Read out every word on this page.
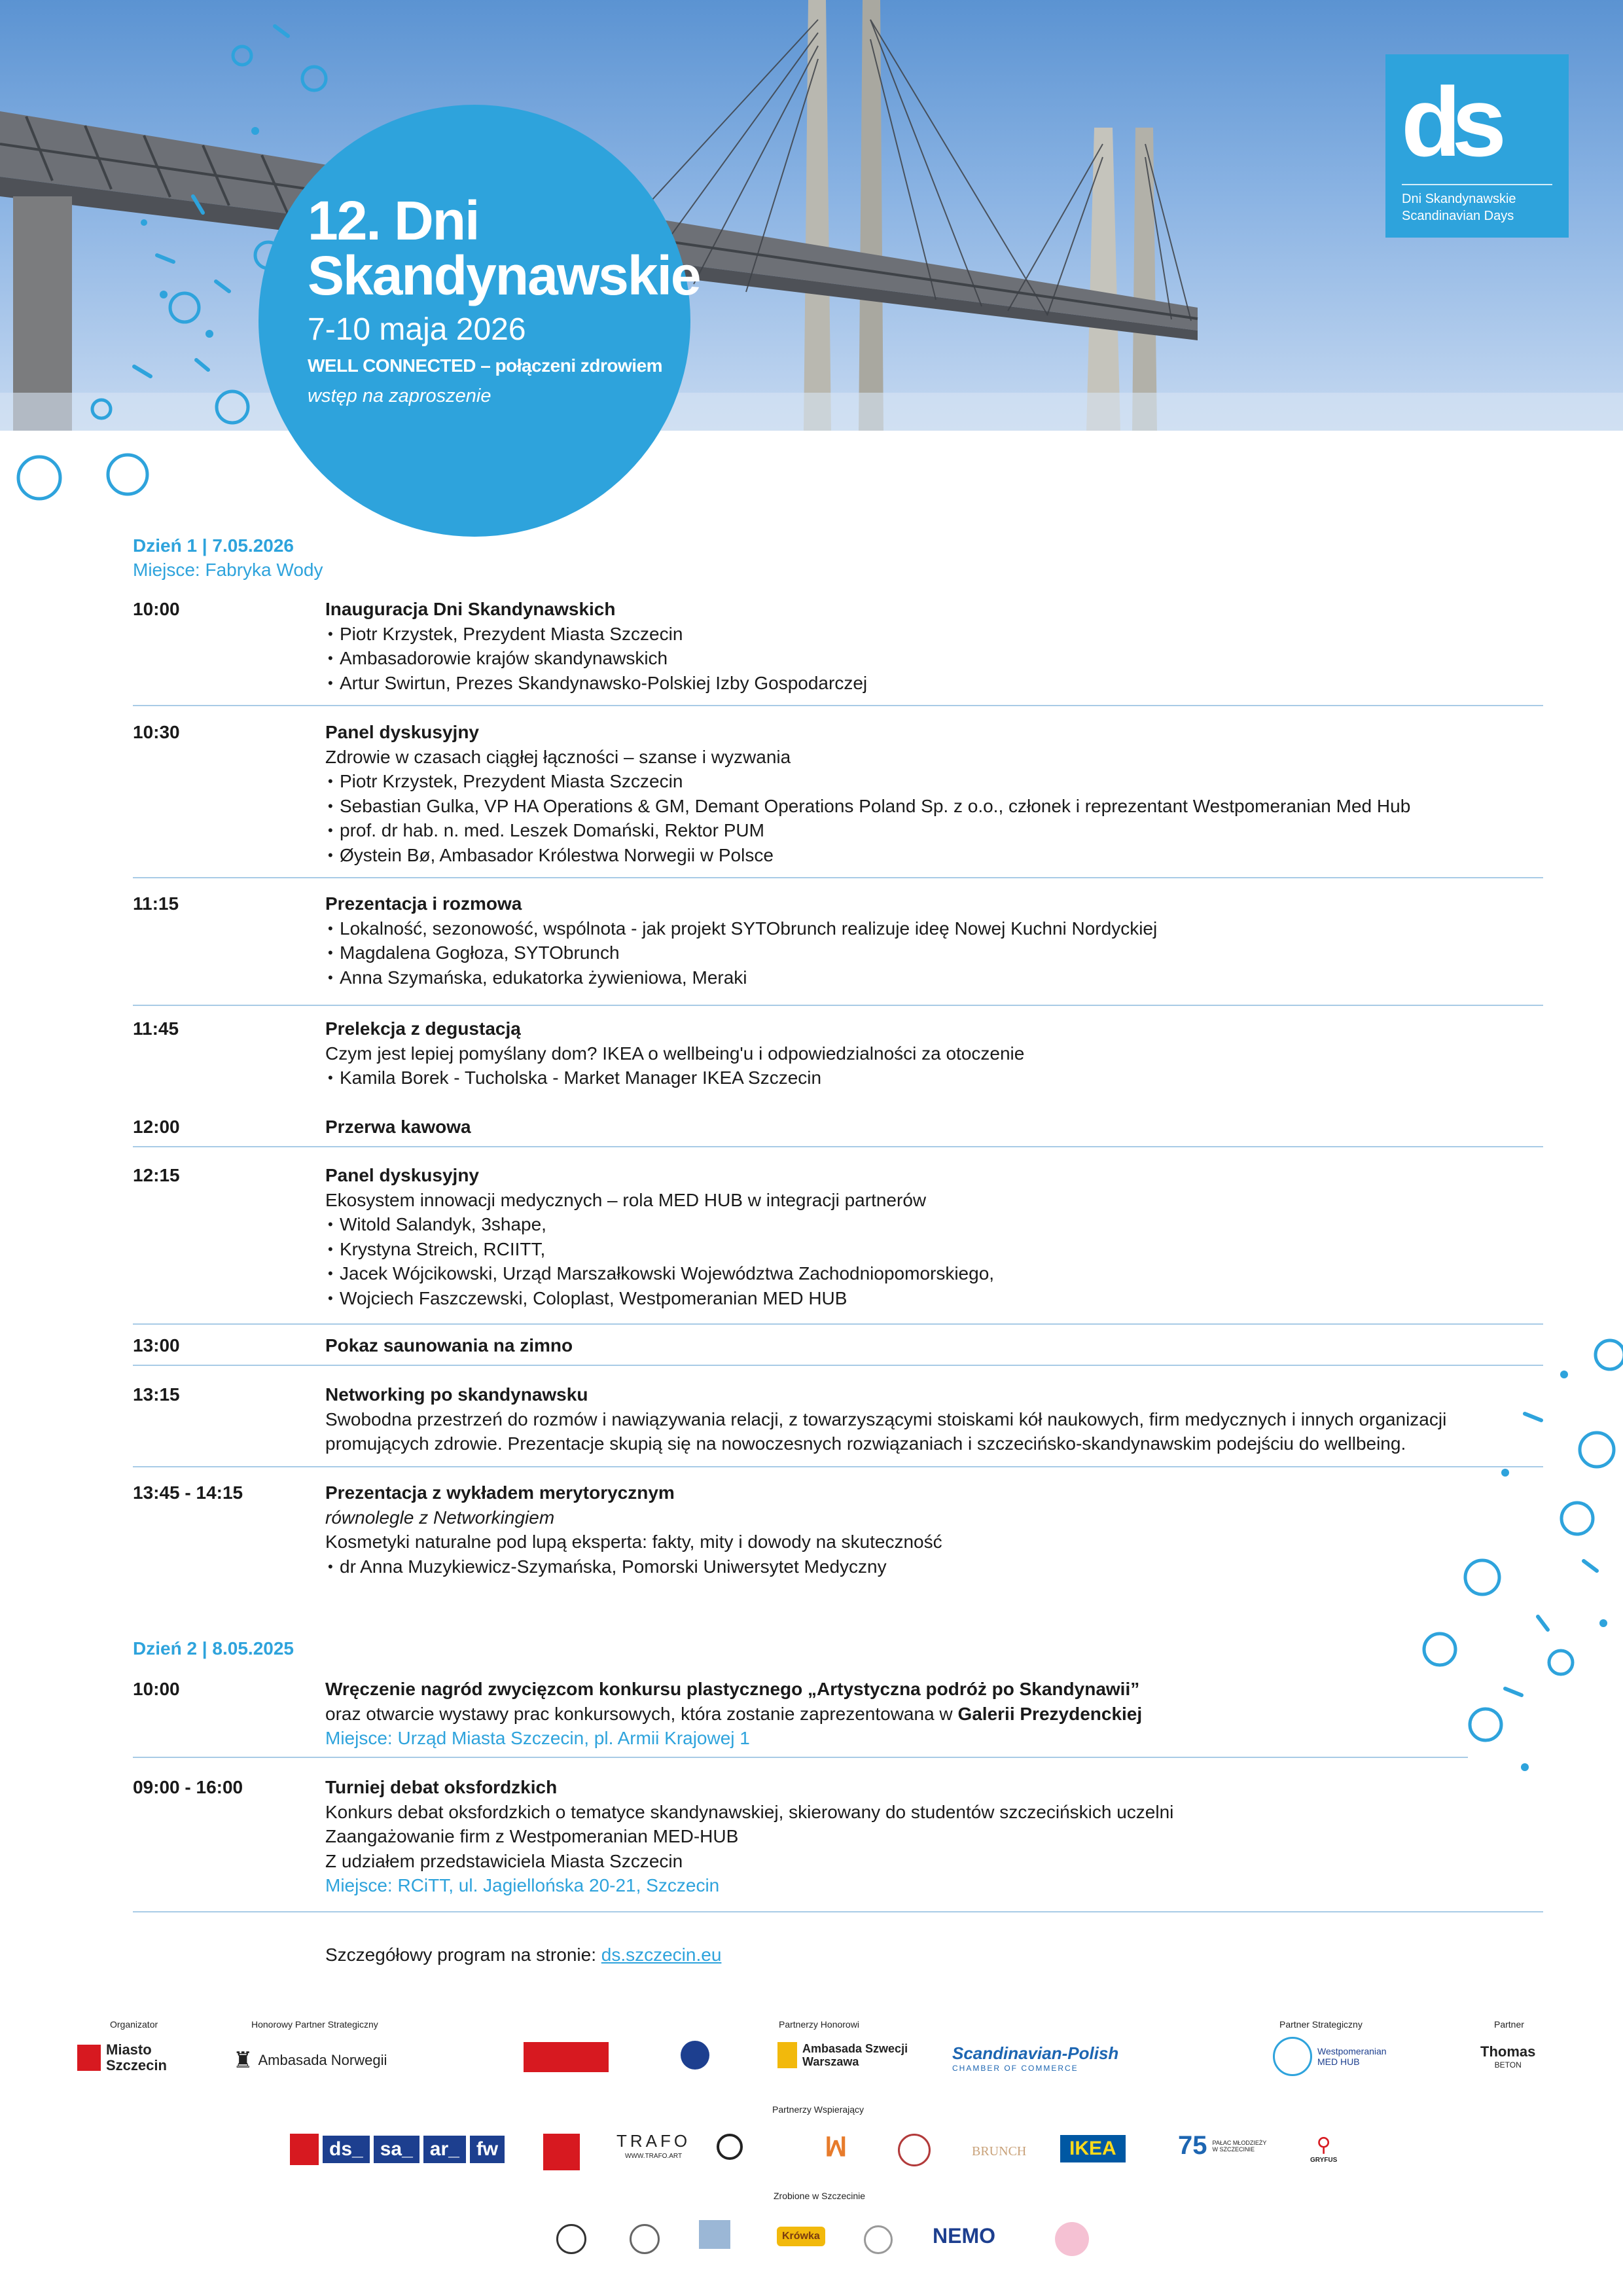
12. Dni
Skandynawskie
7-10 maja 2026
WELL CONNECTED – połączeni zdrowiem
wstęp na zaproszenie
ds
Dni Skandynawskie
Scandinavian Days
Dzień 1 | 7.05.2026
Miejsce: Fabryka Wody
10:00	Inauguracja Dni Skandynawskich
• Piotr Krzystek, Prezydent Miasta Szczecin
• Ambasadorowie krajów skandynawskich
• Artur Swirtun, Prezes Skandynawsko-Polskiej Izby Gospodarczej
10:30	Panel dyskusyjny
Zdrowie w czasach ciągłej łączności – szanse i wyzwania
• Piotr Krzystek, Prezydent Miasta Szczecin
• Sebastian Gulka, VP HA Operations & GM, Demant Operations Poland Sp. z o.o., członek i reprezentant Westpomeranian Med Hub
• prof. dr hab. n. med. Leszek Domański, Rektor PUM
• Øystein Bø, Ambasador Królestwa Norwegii w Polsce
11:15	Prezentacja i rozmowa
• Lokalność, sezonowość, wspólnota - jak projekt SYTObrunch realizuje ideę Nowej Kuchni Nordyckiej
• Magdalena Gogłoza, SYTObrunch
• Anna Szymańska, edukatorka żywieniowa, Meraki
11:45	Prelekcja z degustacją
Czym jest lepiej pomyślany dom? IKEA o wellbeing'u i odpowiedzialności za otoczenie
• Kamila Borek - Tucholska - Market Manager IKEA Szczecin
12:00	Przerwa kawowa
12:15	Panel dyskusyjny
Ekosystem innowacji medycznych – rola MED HUB w integracji partnerów
• Witold Salandyk, 3shape,
• Krystyna Streich, RCIITT,
• Jacek Wójcikowski, Urząd Marszałkowski Województwa Zachodniopomorskiego,
• Wojciech Faszczewski, Coloplast, Westpomeranian MED HUB
13:00	Pokaz saunowania na zimno
13:15	Networking po skandynawsku
Swobodna przestrzeń do rozmów i nawiązywania relacji, z towarzyszącymi stoiskami kół naukowych, firm medycznych i innych organizacji promujących zdrowie. Prezentacje skupią się na nowoczesnych rozwiązaniach i szczecińsko-skandynawskim podejściu do wellbeing.
13:45 - 14:15	Prezentacja z wykładem merytorycznym
równolegle z Networkingiem
Kosmetyki naturalne pod lupą eksperta: fakty, mity i dowody na skuteczność
• dr Anna Muzykiewicz-Szymańska, Pomorski Uniwersytet Medyczny
Dzień 2 | 8.05.2025
10:00	Wręczenie nagród zwycięzcom konkursu plastycznego „Artystyczna podróż po Skandynawii”
oraz otwarcie wystawy prac konkursowych, która zostanie zaprezentowana w Galerii Prezydenckiej
Miejsce: Urząd Miasta Szczecin, pl. Armii Krajowej 1
09:00 - 16:00	Turniej debat oksfordzkich
Konkurs debat oksfordzkich o tematyce skandynawskiej, skierowany do studentów szczecińskich uczelni
Zaangażowanie firm z Westpomeranian MED-HUB
Z udziałem przedstawiciela Miasta Szczecin
Miejsce: RCiTT, ul. Jagiellońska 20-21, Szczecin
Szczegółowy program na stronie: ds.szczecin.eu
Organizator
Miasto Szczecin
Honorowy Partner Strategiczny
♜ Ambasada Norwegii
Partnerzy Honorowi
Ambasada Szwecji Warszawa	Scandinavian-Polish
CHAMBER OF COMMERCE
Partner Strategiczny
Westpomeranian MED HUB
Partner
Thomas
BETON
Partnerzy Wspierający
ds_ sa_ ar_ fw	TRAFO
WWW.TRAFO.ART	ꟽ	BRUNCH	IKEA	75 PAŁAC MŁODZIEŻY W SZCZECINIE	⚲
GRYFUS
Zrobione w Szczecinie
Krówka	NEMO
